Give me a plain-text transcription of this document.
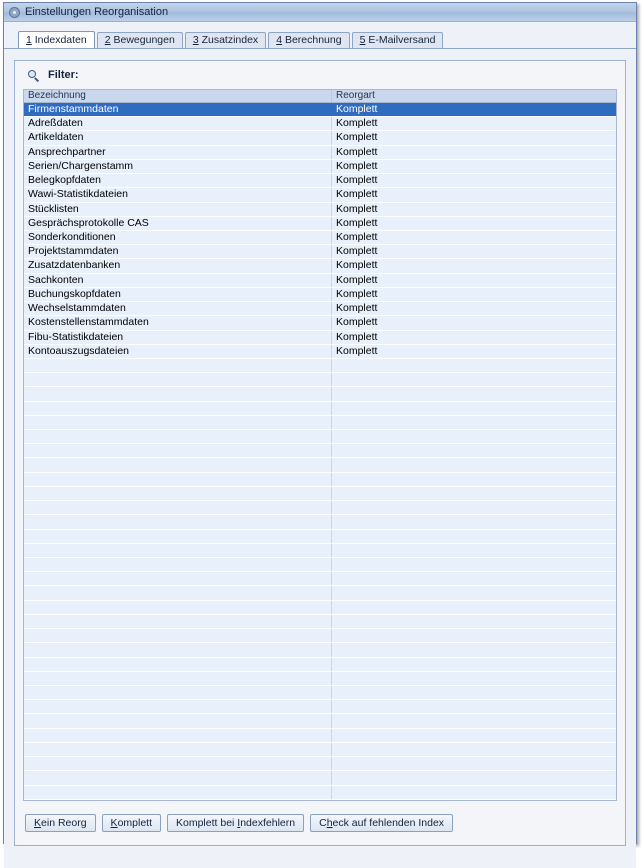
Einstellungen Reorganisation
1 Indexdaten	2 Bewegungen	3 Zusatzindex	4 Berechnung	5 E-Mailversand
Filter:
Bezeichnung	Reorgart
Firmenstammdaten	Komplett
Adreßdaten	Komplett
Artikeldaten	Komplett
Ansprechpartner	Komplett
Serien/Chargenstamm	Komplett
Belegkopfdaten	Komplett
Wawi-Statistikdateien	Komplett
Stücklisten	Komplett
Gesprächsprotokolle CAS	Komplett
Sonderkonditionen	Komplett
Projektstammdaten	Komplett
Zusatzdatenbanken	Komplett
Sachkonten	Komplett
Buchungskopfdaten	Komplett
Wechselstammdaten	Komplett
Kostenstellenstammdaten	Komplett
Fibu-Statistikdateien	Komplett
Kontoauszugsdateien	Komplett
Kein Reorg	Komplett	Komplett bei Indexfehlern	Check auf fehlenden Index
